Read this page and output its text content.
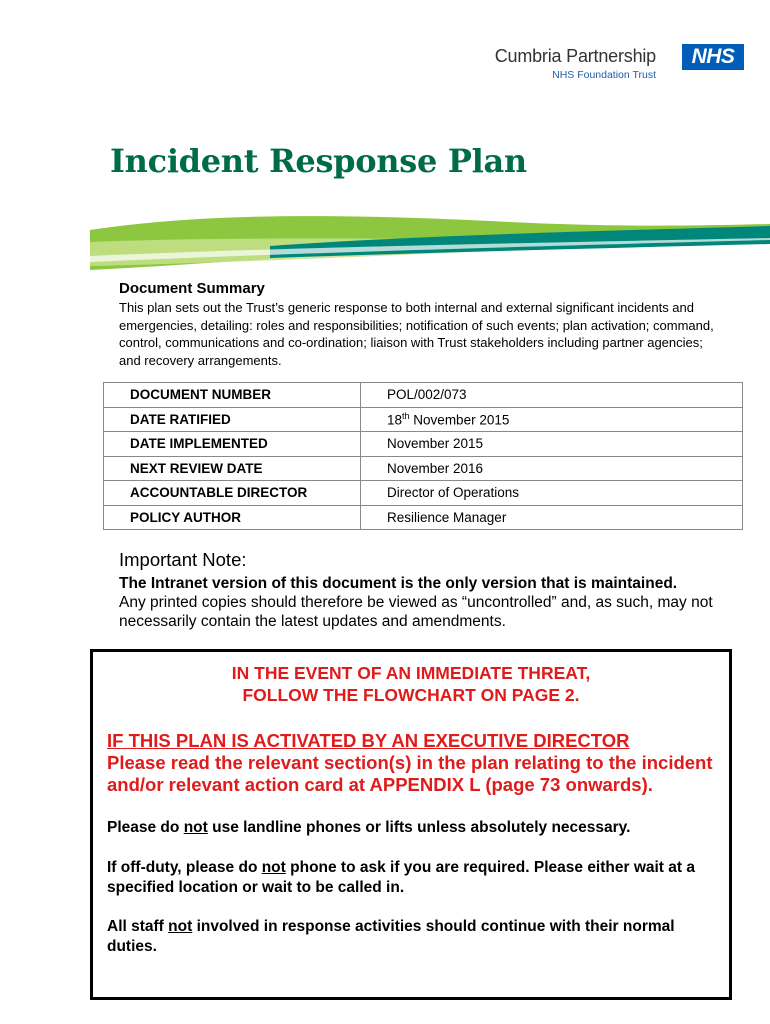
Cumbria Partnership	NHS
NHS Foundation Trust
Incident Response Plan
Document Summary

This plan sets out the Trust’s generic response to both internal and external significant incidents and emergencies, detailing: roles and responsibilities; notification of such events; plan activation; command, control, communications and co-ordination; liaison with Trust stakeholders including partner agencies; and recovery arrangements.

DOCUMENT NUMBER	POL/002/073
DATE RATIFIED	18th November 2015
DATE IMPLEMENTED	November 2015
NEXT REVIEW DATE	November 2016
ACCOUNTABLE DIRECTOR	Director of Operations
POLICY AUTHOR	Resilience Manager
Important Note:
The Intranet version of this document is the only version that is maintained.
Any printed copies should therefore be viewed as “uncontrolled” and, as such, may not necessarily contain the latest updates and amendments.
IN THE EVENT OF AN IMMEDIATE THREAT,
FOLLOW THE FLOWCHART ON PAGE 2.
IF THIS PLAN IS ACTIVATED BY AN EXECUTIVE DIRECTOR
Please read the relevant section(s) in the plan relating to the incident and/or relevant action card at APPENDIX L (page 73 onwards).

Please do not use landline phones or lifts unless absolutely necessary.

If off-duty, please do not phone to ask if you are required. Please either wait at a specified location or wait to be called in.

All staff not involved in response activities should continue with their normal duties.
